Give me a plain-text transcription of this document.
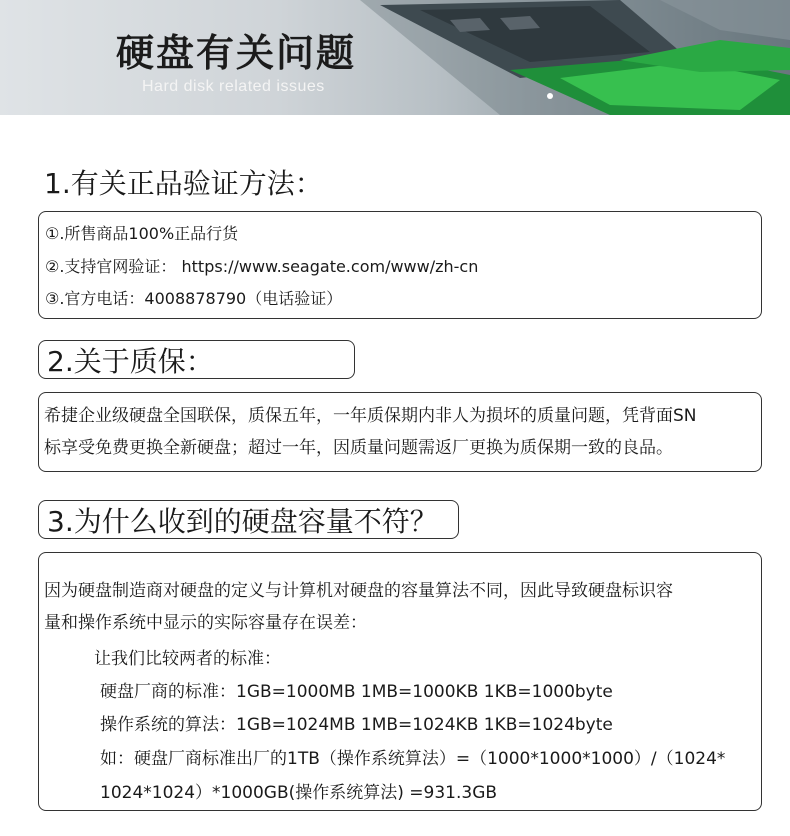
硬盘有关问题
Hard disk related issues
1.有关正品验证方法：
①.所售商品100%正品行货
②.支持官网验证： https://www.seagate.com/www/zh-cn
③.官方电话：4008878790（电话验证）
2.关于质保：
希捷企业级硬盘全国联保，质保五年，一年质保期内非人为损坏的质量问题，凭背面SN
标享受免费更换全新硬盘；超过一年，因质量问题需返厂更换为质保期一致的良品。
3.为什么收到的硬盘容量不符？
因为硬盘制造商对硬盘的定义与计算机对硬盘的容量算法不同，因此导致硬盘标识容
量和操作系统中显示的实际容量存在误差：
让我们比较两者的标准：
硬盘厂商的标准：1GB=1000MB 1MB=1000KB 1KB=1000byte
操作系统的算法：1GB=1024MB 1MB=1024KB 1KB=1024byte
如：硬盘厂商标准出厂的1TB（操作系统算法）=（1000*1000*1000）/（1024*
1024*1024）*1000GB(操作系统算法) =931.3GB
